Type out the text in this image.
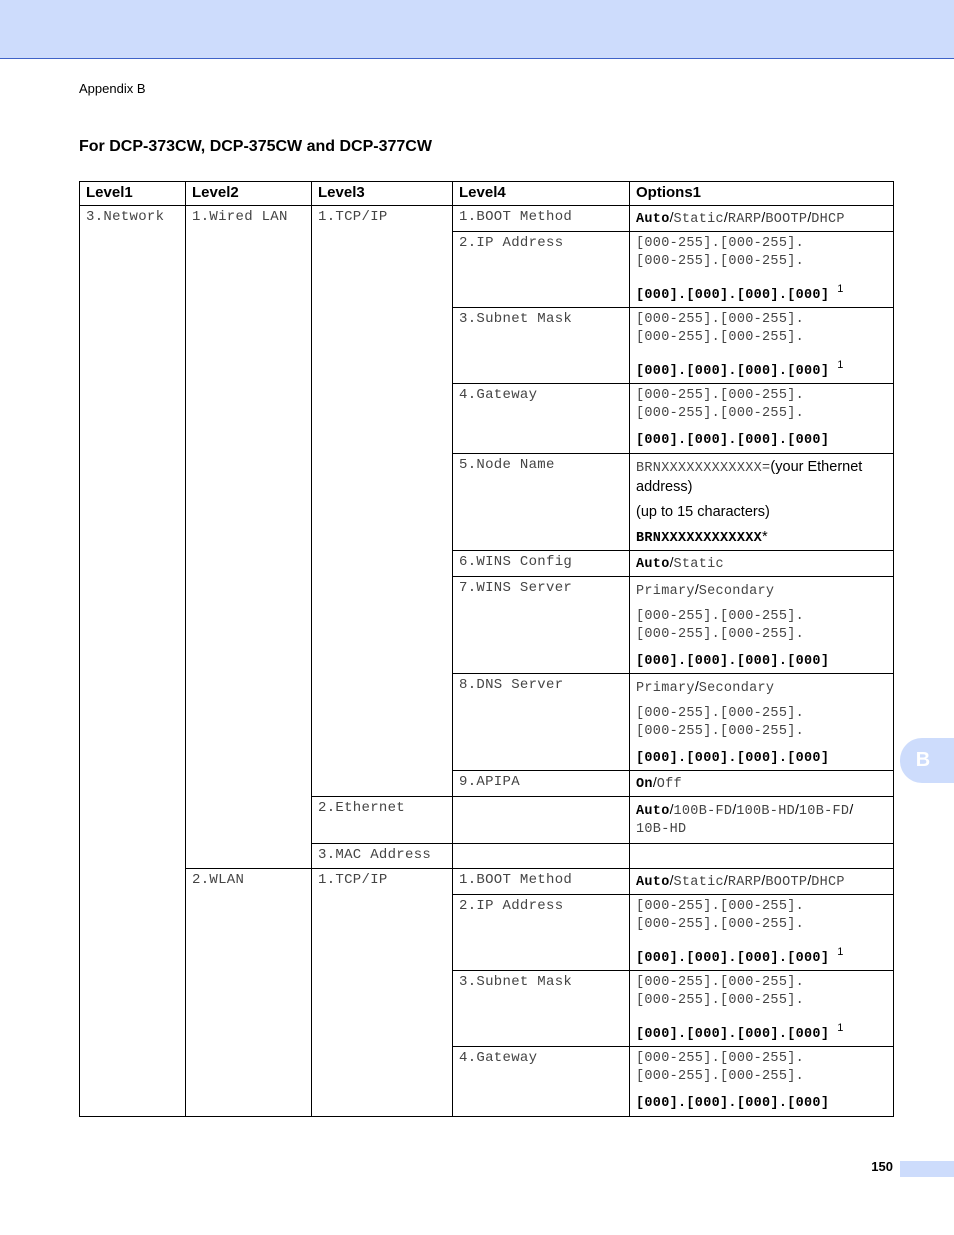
Appendix B
For DCP-373CW, DCP-375CW and DCP-377CW
Level1	Level2	Level3	Level4	Options1
3.Network	1.Wired LAN	1.TCP/IP	1.BOOT Method	Auto/Static/RARP/BOOTP/DHCP
			2.IP Address	[000-255].[000-255].
[000-255].[000-255].
[000].[000].[000].[000] $^1$

			3.Subnet Mask	[000-255].[000-255].
[000-255].[000-255].
[000].[000].[000].[000] $^1$

			4.Gateway	[000-255].[000-255].
[000-255].[000-255].
[000].[000].[000].[000]

			5.Node Name	BRNXXXXXXXXXXXX=(your Ethernet
address)
(up to 15 characters)
BRNXXXXXXXXXXXX*

			6.WINS Config	Auto/Static
			7.WINS Server	Primary/Secondary
[000-255].[000-255].
[000-255].[000-255].
[000].[000].[000].[000]

			8.DNS Server	Primary/Secondary
[000-255].[000-255].
[000-255].[000-255].
[000].[000].[000].[000]

			9.APIPA	On/Off
		2.Ethernet		Auto/100B-FD/100B-HD/10B-FD/
10B-HD

		3.MAC Address		
	2.WLAN	1.TCP/IP	1.BOOT Method	Auto/Static/RARP/BOOTP/DHCP
			2.IP Address	[000-255].[000-255].
[000-255].[000-255].
[000].[000].[000].[000] $^1$

			3.Subnet Mask	[000-255].[000-255].
[000-255].[000-255].
[000].[000].[000].[000] $^1$

			4.Gateway	[000-255].[000-255].
[000-255].[000-255].
[000].[000].[000].[000]
B
150
